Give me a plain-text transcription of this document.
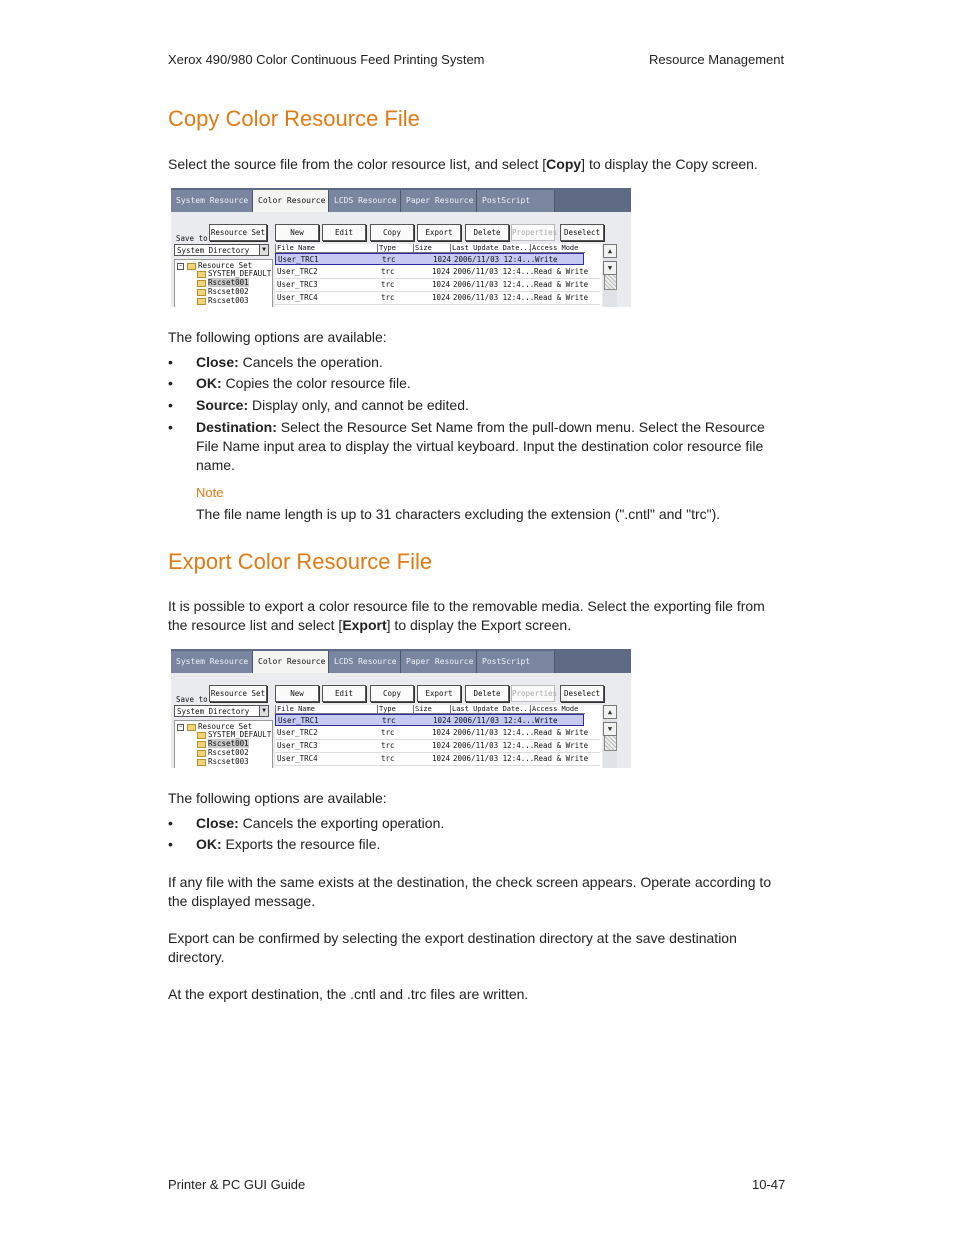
Xerox 490/980 Color Continuous Feed Printing System	Resource Management
Copy Color Resource File

Select the source file from the color resource list, and select [Copy] to display the Copy screen.

System Resource	Color Resource	LCDS Resource	Paper Resource	PostScript
Resource Set	New	Edit	Copy	Export	Delete	Properties Deselect
Save to
System Directory	▼
− Resource Set
SYSTEM_DEFAULT
Rscset001
Rscset002
Rscset003
File Name	Type	Size	Last Update Date... Access Mode
User_TRC1	trc	1024 2006/11/03 12:4... Write
User_TRC2	trc	1024 2006/11/03 12:4... Read & Write
User_TRC3	trc	1024 2006/11/03 12:4... Read & Write
User_TRC4	trc	1024 2006/11/03 12:4... Read & Write
▲
▼

The following options are available:

• Close: Cancels the operation.
• OK: Copies the color resource file.
• Source: Display only, and cannot be edited.
• Destination: Select the Resource Set Name from the pull-down menu. Select the Resource File Name input area to display the virtual keyboard. Input the destination color resource file name.
Note

The file name length is up to 31 characters excluding the extension (".cntl" and "trc").

Export Color Resource File

It is possible to export a color resource file to the removable media. Select the exporting file from the resource list and select [Export] to display the Export screen.

System Resource	Color Resource	LCDS Resource	Paper Resource	PostScript
Resource Set	New	Edit	Copy	Export	Delete	Properties Deselect
Save to
System Directory	▼
− Resource Set
SYSTEM_DEFAULT
Rscset001
Rscset002
Rscset003
File Name	Type	Size	Last Update Date... Access Mode
User_TRC1	trc	1024 2006/11/03 12:4... Write
User_TRC2	trc	1024 2006/11/03 12:4... Read & Write
User_TRC3	trc	1024 2006/11/03 12:4... Read & Write
User_TRC4	trc	1024 2006/11/03 12:4... Read & Write
▲
▼

The following options are available:

• Close: Cancels the exporting operation.
• OK: Exports the resource file.

If any file with the same exists at the destination, the check screen appears. Operate according to the displayed message.

Export can be confirmed by selecting the export destination directory at the save destination directory.

At the export destination, the .cntl and .trc files are written.

Printer & PC GUI Guide	10-47
